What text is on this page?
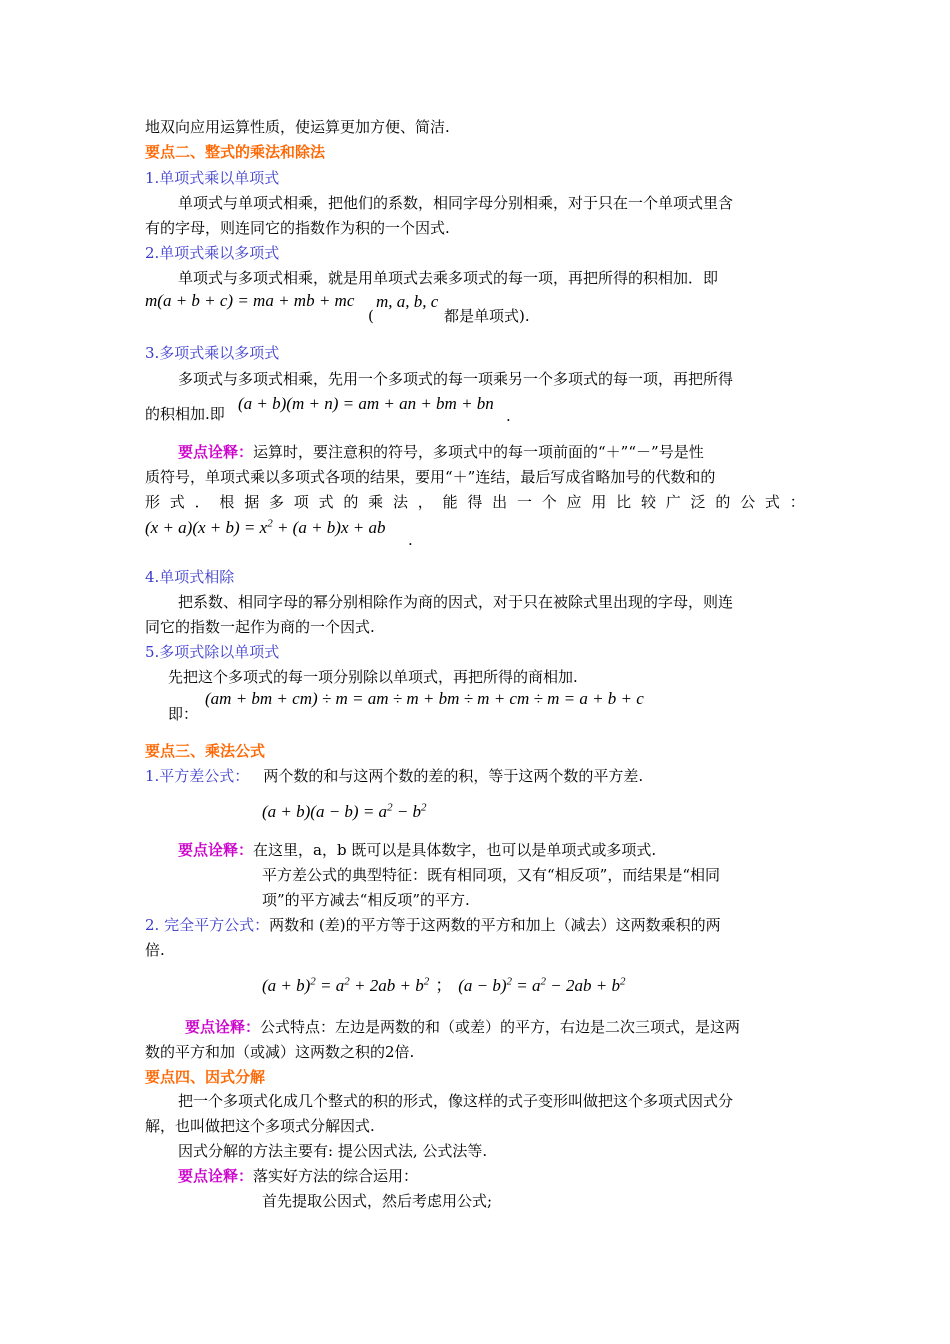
地双向应用运算性质，使运算更加方便、简洁.
要点二、整式的乘法和除法
1.单项式乘以单项式
单项式与单项式相乘，把他们的系数，相同字母分别相乘，对于只在一个单项式里含
有的字母，则连同它的指数作为积的一个因式.
2.单项式乘以多项式
单项式与多项式相乘，就是用单项式去乘多项式的每一项，再把所得的积相加．即
m(a + b + c) = ma + mb + mc
(
m, a, b, c
都是单项式).
3.多项式乘以多项式
多项式与多项式相乘，先用一个多项式的每一项乘另一个多项式的每一项，再把所得
的积相加.即
(a + b)(m + n) = am + an + bm + bn
.
要点诠释：运算时，要注意积的符号，多项式中的每一项前面的“＋”“－”号是性
质符号，单项式乘以多项式各项的结果，要用“＋”连结，最后写成省略加号的代数和的
形 式 ． 根 据 多 项 式 的 乘 法 ， 能 得 出 一 个 应 用 比 较 广 泛 的 公 式 ：
$(x + a)(x + b) = x^2 + (a + b)x$ + ab
.
4.单项式相除
把系数、相同字母的幂分别相除作为商的因式，对于只在被除式里出现的字母，则连
同它的指数一起作为商的一个因式.
5.多项式除以单项式
先把这个多项式的每一项分别除以单项式，再把所得的商相加.
即：
(am + bm + cm) ÷ m = am ÷ m + bm ÷ m + cm ÷ m = a + b + c
要点三、乘法公式
1.平方差公式： 两个数的和与这两个数的差的积，等于这两个数的平方差.
$(a + b)(a - b) = a^2 - b^2$
要点诠释：在这里，a，b 既可以是具体数字，也可以是单项式或多项式.
平方差公式的典型特征：既有相同项，又有“相反项”，而结果是“相同
项”的平方减去“相反项”的平方.
2. 完全平方公式：两数和 (差)的平方等于这两数的平方和加上（减去）这两数乘积的两
倍.
$(a + b)^2 = a^2 + 2ab + b^2$ ； $(a - b)^2 = a^2 - 2ab + b^2$
要点诠释：公式特点：左边是两数的和（或差）的平方，右边是二次三项式，是这两
数的平方和加（或减）这两数之积的2倍.
要点四、因式分解
把一个多项式化成几个整式的积的形式，像这样的式子变形叫做把这个多项式因式分
解，也叫做把这个多项式分解因式.
因式分解的方法主要有: 提公因式法, 公式法等.
要点诠释：落实好方法的综合运用：
首先提取公因式，然后考虑用公式;
